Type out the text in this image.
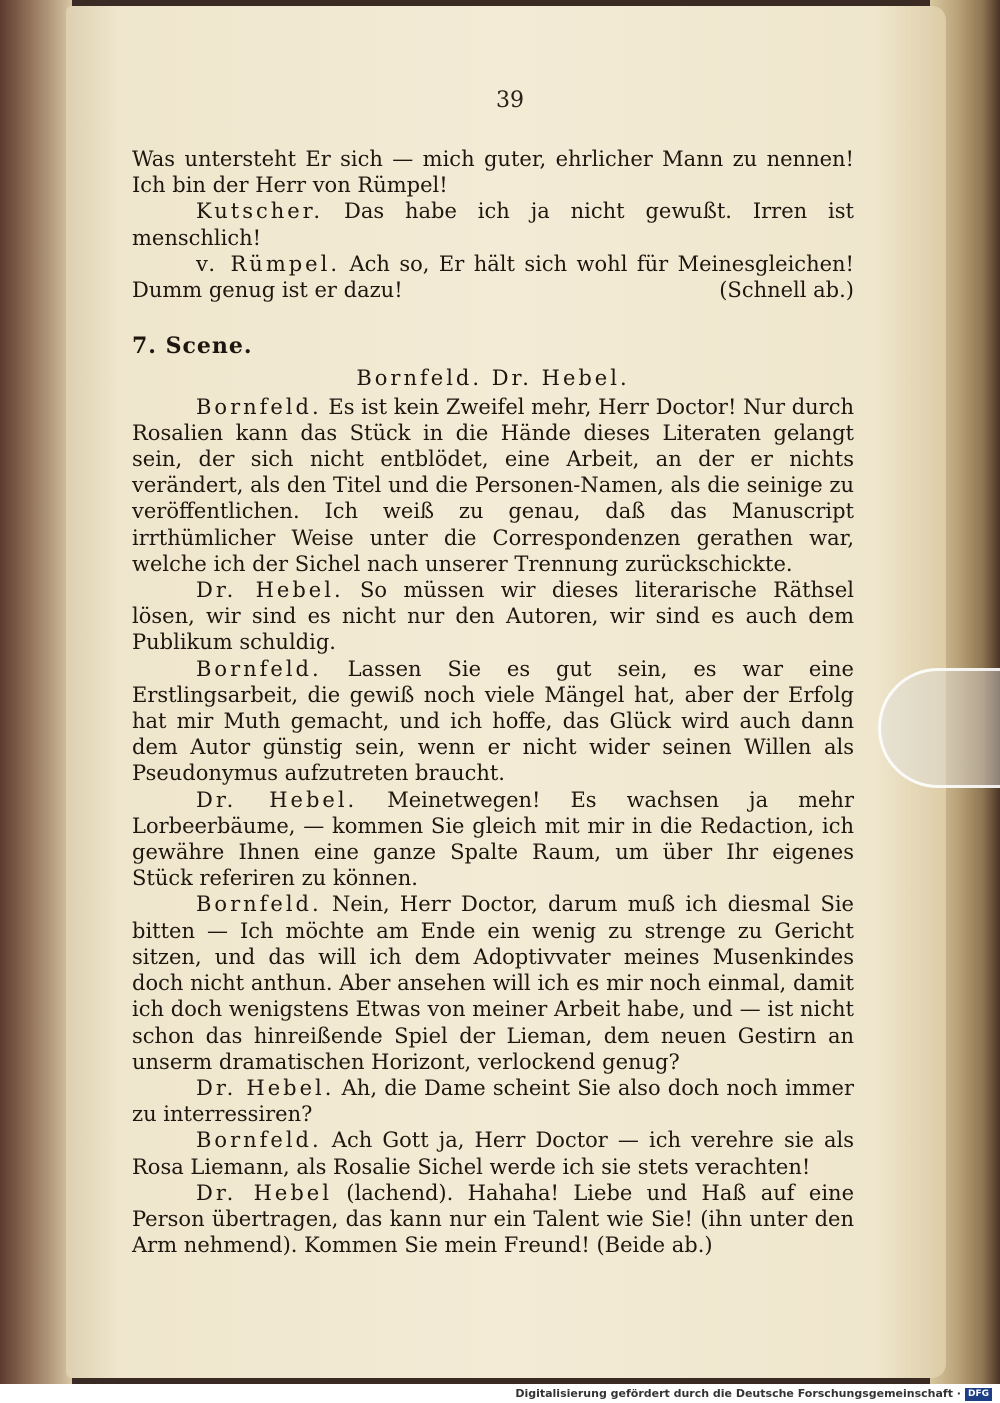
39

Was untersteht Er sich — mich guter, ehrlicher Mann zu nennen! Ich bin der Herr von Rümpel!

Kutscher. Das habe ich ja nicht gewußt. Irren ist menschlich!

v. Rümpel. Ach so, Er hält sich wohl für Meinesgleichen! Dumm genug ist er dazu!	(Schnell ab.)

7. Scene.

Bornfeld. Dr. Hebel.

Bornfeld. Es ist kein Zweifel mehr, Herr Doctor! Nur durch Rosalien kann das Stück in die Hände dieses Literaten gelangt sein, der sich nicht entblödet, eine Arbeit, an der er nichts verändert, als den Titel und die Personen-Namen, als die seinige zu veröffentlichen. Ich weiß zu genau, daß das Manuscript irrthümlicher Weise unter die Correspondenzen gerathen war, welche ich der Sichel nach unserer Trennung zurückschickte.

Dr. Hebel. So müssen wir dieses literarische Räthsel lösen, wir sind es nicht nur den Autoren, wir sind es auch dem Publikum schuldig.

Bornfeld. Lassen Sie es gut sein, es war eine Erstlingsarbeit, die gewiß noch viele Mängel hat, aber der Erfolg hat mir Muth gemacht, und ich hoffe, das Glück wird auch dann dem Autor günstig sein, wenn er nicht wider seinen Willen als Pseudonymus aufzutreten braucht.

Dr. Hebel. Meinetwegen! Es wachsen ja mehr Lorbeerbäume, — kommen Sie gleich mit mir in die Redaction, ich gewähre Ihnen eine ganze Spalte Raum, um über Ihr eigenes Stück referiren zu können.

Bornfeld. Nein, Herr Doctor, darum muß ich diesmal Sie bitten — Ich möchte am Ende ein wenig zu strenge zu Gericht sitzen, und das will ich dem Adoptivvater meines Musenkindes doch nicht anthun. Aber ansehen will ich es mir noch einmal, damit ich doch wenigstens Etwas von meiner Arbeit habe, und — ist nicht schon das hinreißende Spiel der Lieman, dem neuen Gestirn an unserm dramatischen Horizont, verlockend genug?

Dr. Hebel. Ah, die Dame scheint Sie also doch noch immer zu interressiren?

Bornfeld. Ach Gott ja, Herr Doctor — ich verehre sie als Rosa Liemann, als Rosalie Sichel werde ich sie stets verachten!

Dr. Hebel (lachend). Hahaha! Liebe und Haß auf eine Person übertragen, das kann nur ein Talent wie Sie! (ihn unter den Arm nehmend). Kommen Sie mein Freund! (Beide ab.)

Digitalisierung gefördert durch die Deutsche Forschungsgemeinschaft · DFG
